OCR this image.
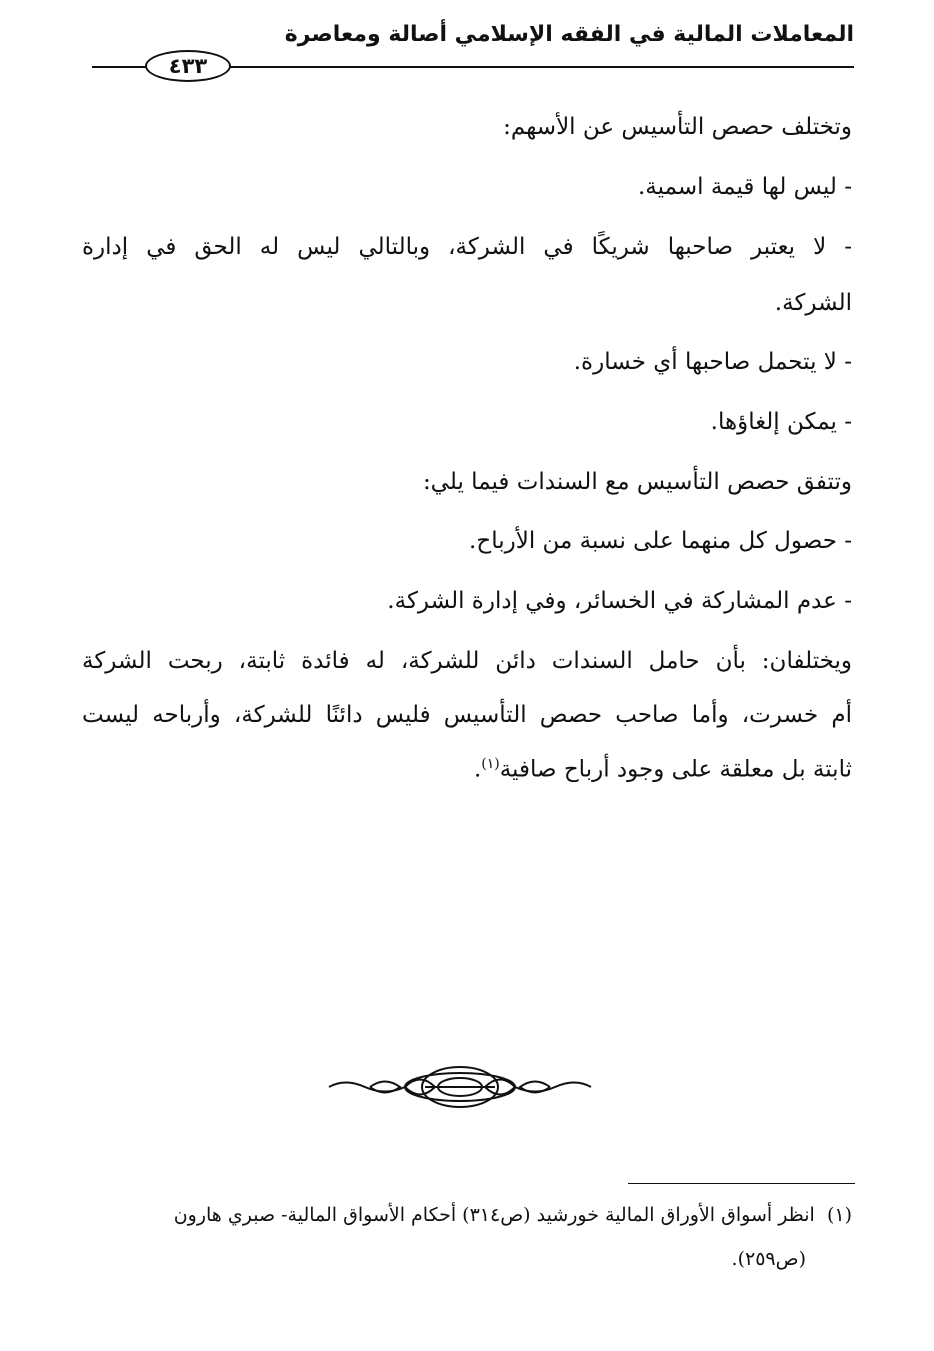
المعاملات المالية في الفقه الإسلامي أصالة ومعاصرة
٤٣٣
وتختلف حصص التأسيس عن الأسهم:
- ليس لها قيمة اسمية.
- لا يعتبر صاحبها شريكًا في الشركة، وبالتالي ليس له الحق في إدارة
الشركة.
- لا يتحمل صاحبها أي خسارة.
- يمكن إلغاؤها.
وتتفق حصص التأسيس مع السندات فيما يلي:
- حصول كل منهما على نسبة من الأرباح.
- عدم المشاركة في الخسائر، وفي إدارة الشركة.
ويختلفان: بأن حامل السندات دائن للشركة، له فائدة ثابتة، ربحت الشركة
أم خسرت، وأما صاحب حصص التأسيس فليس دائنًا للشركة، وأرباحه ليست
ثابتة بل معلقة على وجود أرباح صافية$^{(١)}$.
(١)  انظر أسواق الأوراق المالية خورشيد (ص٣١٤) أحكام الأسواق المالية- صبري هارون
(ص٢٥٩).
